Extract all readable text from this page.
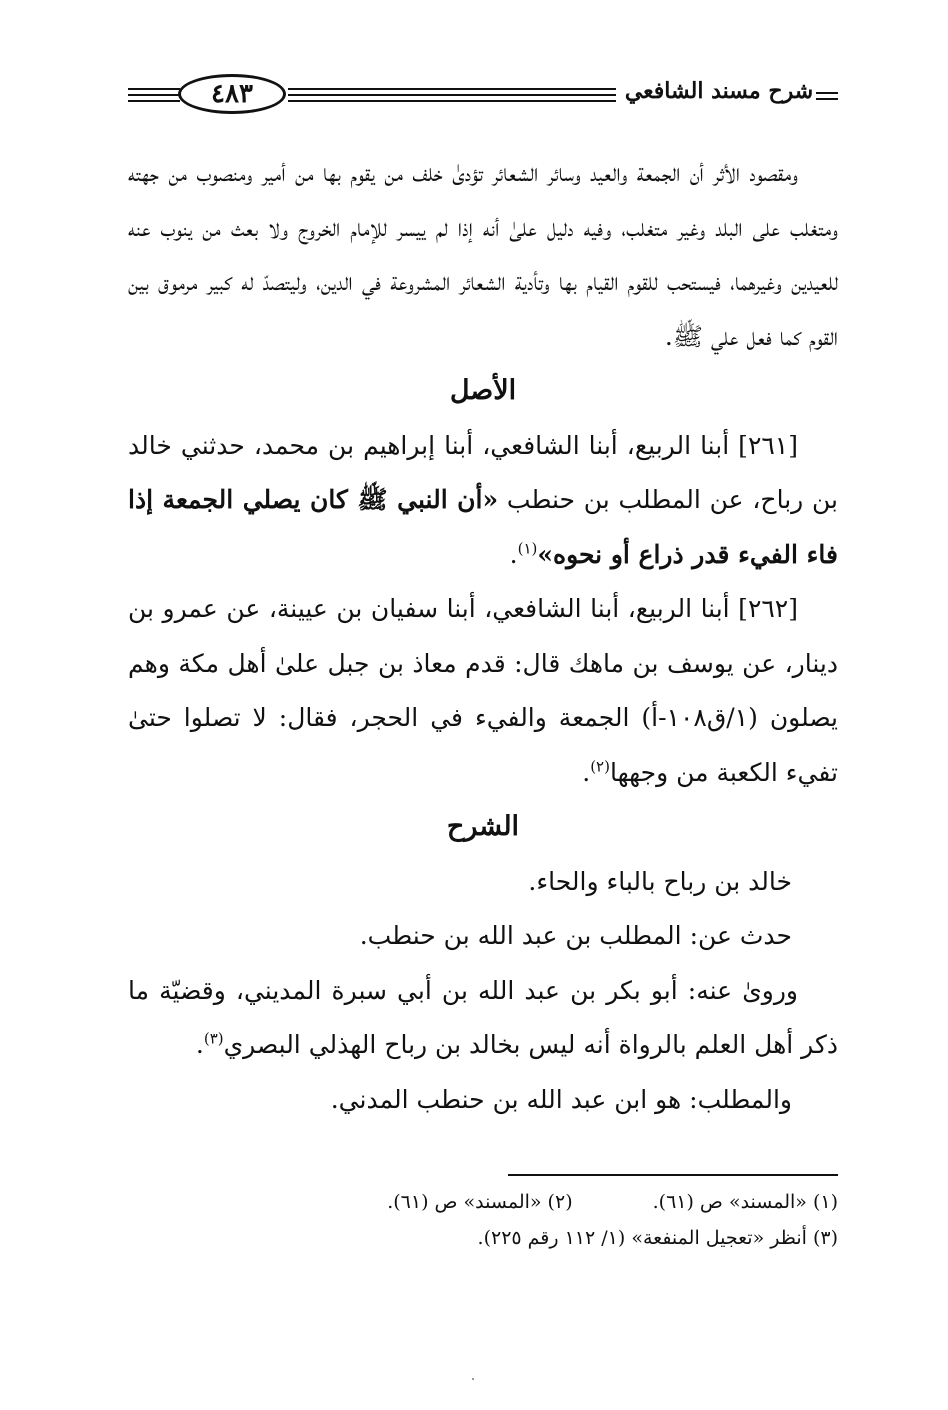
٤٨٣	شرح مسند الشافعي

ومقصود الأثر أن الجمعة والعيد وسائر الشعائر تؤدىٰ خلف من يقوم بها من أمير ومنصوب من جهته ومتغلب على البلد وغير متغلب، وفيه دليل علىٰ أنه إذا لم ييسر للإمام الخروج ولا بعث من ينوب عنه للعيدين وغيرهما، فيستحب للقوم القيام بها وتأدية الشعائر المشروعة في الدين، وليتصدّ له كبير مرموق بين القوم كما فعل علي ﷺ.

الأصل

[٢٦١] أبنا الربيع، أبنا الشافعي، أبنا إبراهيم بن محمد، حدثني خالد بن رباح، عن المطلب بن حنطب «أن النبي ﷺ كان يصلي الجمعة إذا فاء الفيء قدر ذراع أو نحوه»$^{(١)}$.

[٢٦٢] أبنا الربيع، أبنا الشافعي، أبنا سفيان بن عيينة، عن عمرو بن دينار، عن يوسف بن ماهك قال: قدم معاذ بن جبل علىٰ أهل مكة وهم يصلون (١/ق١٠٨-أ) الجمعة والفيء في الحجر، فقال: لا تصلوا حتىٰ تفيء الكعبة من وجهها$^{(٢)}$.

الشرح

خالد بن رباح بالباء والحاء.

حدث عن: المطلب بن عبد الله بن حنطب.

وروىٰ عنه: أبو بكر بن عبد الله بن أبي سبرة المديني، وقضيّة ما ذكر أهل العلم بالرواة أنه ليس بخالد بن رباح الهذلي البصري$^{(٣)}$.

والمطلب: هو ابن عبد الله بن حنطب المدني.

(١) «المسند» ص (٦١).
(٢) «المسند» ص (٦١).
(٣) أنظر «تعجيل المنفعة» (١/ ١١٢ رقم ٢٢٥).
